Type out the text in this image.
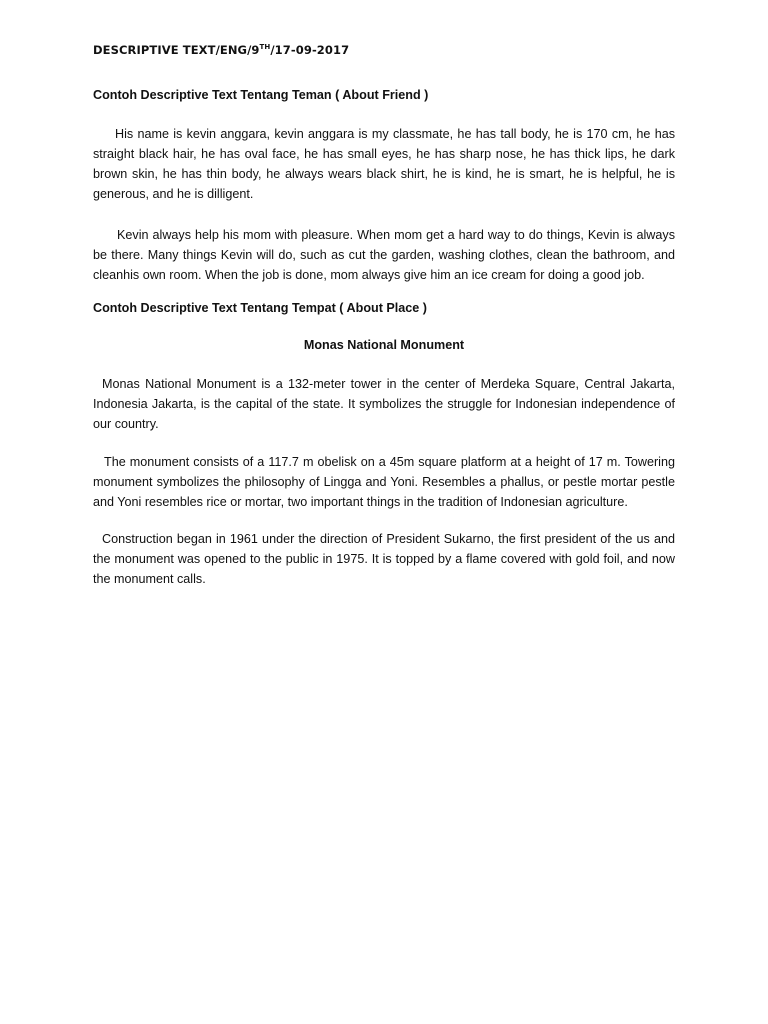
DESCRIPTIVE TEXT/ENG/9TH/17-09-2017
Contoh Descriptive Text Tentang Teman ( About Friend )

His name is kevin anggara, kevin anggara is my classmate, he has tall body, he is 170 cm, he has straight black hair, he has oval face, he has small eyes, he has sharp nose, he has thick lips, he dark brown skin, he has thin body, he always wears black shirt, he is kind, he is smart, he is helpful, he is generous, and he is dilligent.

Kevin always help his mom with pleasure. When mom get a hard way to do things, Kevin is always be there. Many things Kevin will do, such as cut the garden, washing clothes, clean the bathroom, and cleanhis own room. When the job is done, mom always give him an ice cream for doing a good job.

Contoh Descriptive Text Tentang Tempat ( About Place )
Monas National Monument

Monas National Monument is a 132-meter tower in the center of Merdeka Square, Central Jakarta, Indonesia Jakarta, is the capital of the state. It symbolizes the struggle for Indonesian independence of our country.

The monument consists of a 117.7 m obelisk on a 45m square platform at a height of 17 m. Towering monument symbolizes the philosophy of Lingga and Yoni. Resembles a phallus, or pestle mortar pestle and Yoni resembles rice or mortar, two important things in the tradition of Indonesian agriculture.

Construction began in 1961 under the direction of President Sukarno, the first president of the us and the monument was opened to the public in 1975. It is topped by a flame covered with gold foil, and now the monument calls.
